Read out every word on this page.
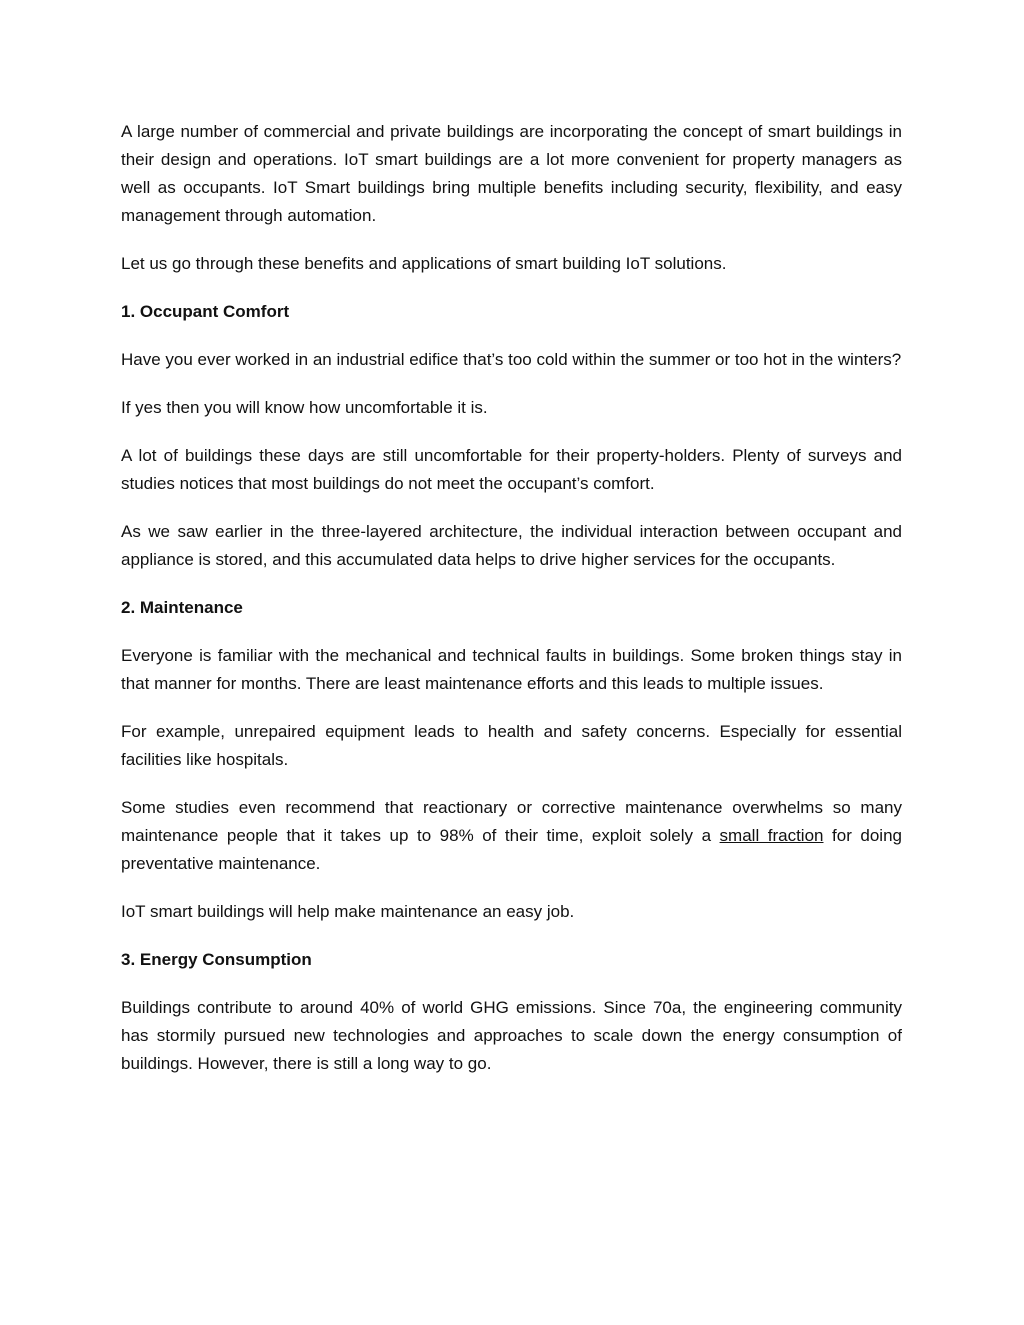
A large number of commercial and private buildings are incorporating the concept of smart buildings in their design and operations. IoT smart buildings are a lot more convenient for property managers as well as occupants. IoT Smart buildings bring multiple benefits including security, flexibility, and easy management through automation.

Let us go through these benefits and applications of smart building IoT solutions.

1. Occupant Comfort

Have you ever worked in an industrial edifice that’s too cold within the summer or too hot in the winters?

If yes then you will know how uncomfortable it is.

A lot of buildings these days are still uncomfortable for their property-holders. Plenty of surveys and studies notices that most buildings do not meet the occupant’s comfort.

As we saw earlier in the three-layered architecture, the individual interaction between occupant and appliance is stored, and this accumulated data helps to drive higher services for the occupants.

2. Maintenance

Everyone is familiar with the mechanical and technical faults in buildings. Some broken things stay in that manner for months. There are least maintenance efforts and this leads to multiple issues.

For example, unrepaired equipment leads to health and safety concerns. Especially for essential facilities like hospitals.

Some studies even recommend that reactionary or corrective maintenance overwhelms so many maintenance people that it takes up to 98% of their time, exploit solely a small fraction for doing preventative maintenance.

IoT smart buildings will help make maintenance an easy job.

3. Energy Consumption

Buildings contribute to around 40% of world GHG emissions. Since 70a, the engineering community has stormily pursued new technologies and approaches to scale down the energy consumption of buildings. However, there is still a long way to go.
